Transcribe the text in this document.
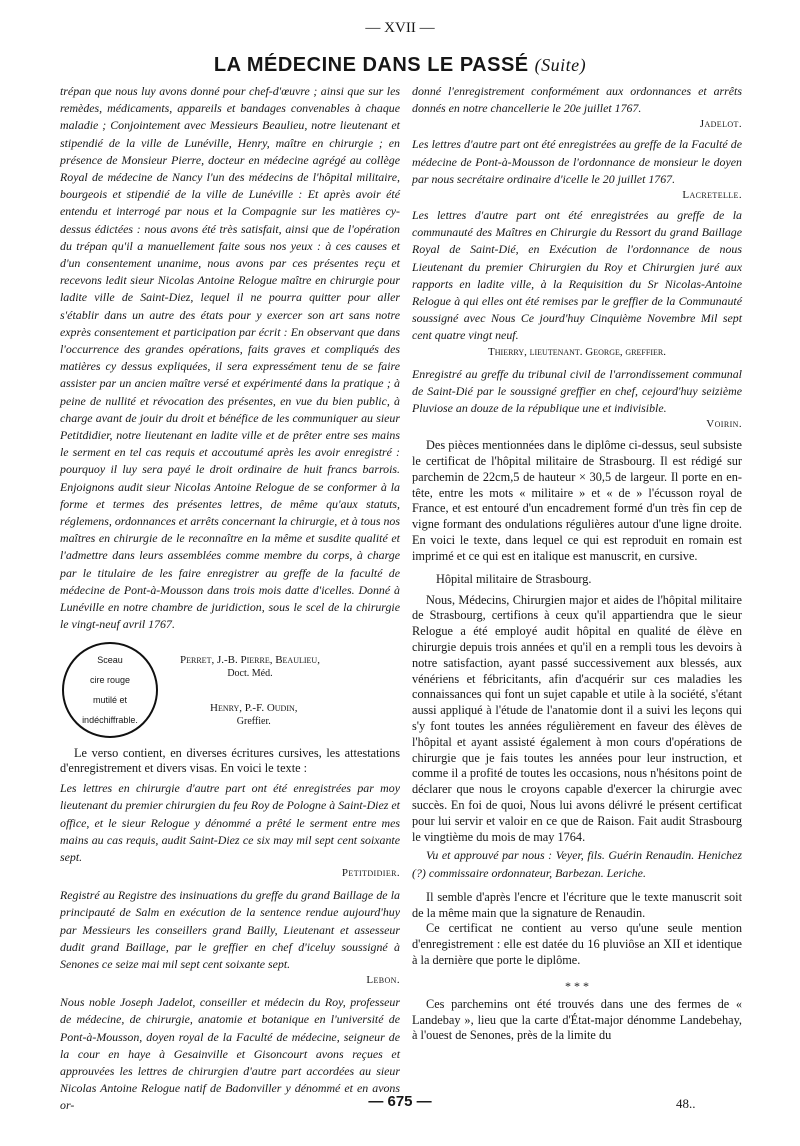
— XVII —
LA MÉDECINE DANS LE PASSÉ (Suite)

trépan que nous luy avons donné pour chef-d'œuvre ; ainsi que sur les remèdes, médicaments, appareils et bandages convenables à chaque maladie ; Conjointement avec Messieurs Beaulieu, notre lieutenant et stipendié de la ville de Lunéville, Henry, maître en chirurgie ; en présence de Monsieur Pierre, docteur en médecine agrégé au collège Royal de médecine de Nancy l'un des médecins de l'hôpital militaire, bourgeois et stipendié de la ville de Lunéville : Et après avoir été entendu et interrogé par nous et la Compagnie sur les matières cy-dessus édictées : nous avons été très satisfait, ainsi que de l'opération du trépan qu'il a manuellement faite sous nos yeux : à ces causes et d'un consentement unanime, nous avons par ces présentes reçu et recevons ledit sieur Nicolas Antoine Relogue maître en chirurgie pour ladite ville de Saint-Diez, lequel il ne pourra quitter pour aller s'établir dans un autre des états pour y exercer son art sans notre exprès consentement et participation par écrit : En observant que dans l'occurrence des grandes opérations, faits graves et compliqués des matières cy dessus expliquées, il sera expressément tenu de se faire assister par un ancien maître versé et expérimenté dans la pratique ; à peine de nullité et révocation des présentes, en vue du bien public, à charge avant de jouir du droit et bénéfice de les communiquer au sieur Petitdidier, notre lieutenant en ladite ville et de prêter entre ses mains le serment en tel cas requis et accoutumé après les avoir enregistré : pourquoy il luy sera payé le droit ordinaire de huit francs barrois. Enjoignons audit sieur Nicolas Antoine Relogue de se conformer à la forme et termes des présentes lettres, de même qu'aux statuts, réglemens, ordonnances et arrêts concernant la chirurgie, et à tous nos maîtres en chirurgie de le reconnaître en la même et susdite qualité et l'admettre dans leurs assemblées comme membre du corps, à charge par le titulaire de les faire enregistrer au greffe de la faculté de médecine de Pont-à-Mousson dans trois mois datte d'icelles. Donné à Lunéville en notre chambre de juridiction, sous le scel de la chirurgie le vingt-neuf avril 1767.

Sceau
cire rouge
mutilé et
indéchiffrable.
Perret, J.-B. Pierre, Beaulieu,
Doct. Méd.
Henry, P.-F. Oudin,
Greffier.

Le verso contient, en diverses écritures cursives, les attestations d'enregistrement et divers visas. En voici le texte :

Les lettres en chirurgie d'autre part ont été enregistrées par moy lieutenant du premier chirurgien du feu Roy de Pologne à Saint-Diez et office, et le sieur Relogue y dénommé a prêté le serment entre mes mains au cas requis, audit Saint-Diez ce six may mil sept cent soixante sept.

Petitdidier.

Registré au Registre des insinuations du greffe du grand Baillage de la principauté de Salm en exécution de la sentence rendue aujourd'huy par Messieurs les conseillers grand Bailly, Lieutenant et assesseur dudit grand Baillage, par le greffier en chef d'iceluy soussigné à Senones ce seize mai mil sept cent soixante sept.

Lebon.

Nous noble Joseph Jadelot, conseiller et médecin du Roy, professeur de médecine, de chirurgie, anatomie et botanique en l'université de Pont-à-Mousson, doyen royal de la Faculté de médecine, seigneur de la cour en haye à Gesainville et Gisoncourt avons reçues et approuvées les lettres de chirurgien d'autre part accordées au sieur Nicolas Antoine Relogue natif de Badonviller y dénommé et en avons or-

donné l'enregistrement conformément aux ordonnances et arrêts donnés en notre chancellerie le 20e juillet 1767.

Jadelot.

Les lettres d'autre part ont été enregistrées au greffe de la Faculté de médecine de Pont-à-Mousson de l'ordonnance de monsieur le doyen par nous secrétaire ordinaire d'icelle le 20 juillet 1767.

Lacretelle.

Les lettres d'autre part ont été enregistrées au greffe de la communauté des Maîtres en Chirurgie du Ressort du grand Baillage Royal de Saint-Dié, en Exécution de l'ordonnance de nous Lieutenant du premier Chirurgien du Roy et Chirurgien juré aux rapports en ladite ville, à la Requisition du Sr Nicolas-Antoine Relogue à qui elles ont été remises par le greffier de la Communauté soussigné avec Nous Ce jourd'huy Cinquième Novembre Mil sept cent quatre vingt neuf.

Thierry, lieutenant. George, greffier.

Enregistré au greffe du tribunal civil de l'arrondissement communal de Saint-Dié par le soussigné greffier en chef, cejourd'huy seizième Pluviose an douze de la république une et indivisible.

Voirin.

Des pièces mentionnées dans le diplôme ci-dessus, seul subsiste le certificat de l'hôpital militaire de Strasbourg. Il est rédigé sur parchemin de 22cm,5 de hauteur × 30,5 de largeur. Il porte en en-tête, entre les mots « militaire » et « de » l'écusson royal de France, et est entouré d'un encadrement formé d'un très fin cep de vigne formant des ondulations régulières autour d'une ligne droite. En voici le texte, dans lequel ce qui est reproduit en romain est imprimé et ce qui est en italique est manuscrit, en cursive.

Hôpital militaire de Strasbourg.

Nous, Médecins, Chirurgien major et aides de l'hôpital militaire de Strasbourg, certifions à ceux qu'il appartiendra que le sieur Relogue a été employé audit hôpital en qualité de élève en chirurgie depuis trois années et qu'il en a rempli tous les devoirs à notre satisfaction, ayant passé successivement aux blessés, aux vénériens et fébricitants, afin d'acquérir sur ces maladies les connaissances qui font un sujet capable et utile à la société, s'étant aussi appliqué à l'étude de l'anatomie dont il a suivi les leçons qui s'y font toutes les années régulièrement en faveur des élèves de l'hôpital et ayant assisté également à mon cours d'opérations de chirurgie que je fais toutes les années pour leur instruction, et comme il a profité de toutes les occasions, nous n'hésitons point de déclarer que nous le croyons capable d'exercer la chirurgie avec succès. En foi de quoi, Nous lui avons délivré le présent certificat pour lui servir et valoir en ce que de Raison. Fait audit Strasbourg le vingtième du mois de may 1764.

Vu et approuvé par nous : Veyer, fils. Guérin Renaudin. Henichez (?) commissaire ordonnateur, Barbezan. Leriche.

Il semble d'après l'encre et l'écriture que le texte manuscrit soit de la même main que la signature de Renaudin.

Ce certificat ne contient au verso qu'une seule mention d'enregistrement : elle est datée du 16 pluviôse an XII et identique à la dernière que porte le diplôme.

* * *

Ces parchemins ont été trouvés dans une des fermes de « Landebay », lieu que la carte d'État-major dénomme Landebehay, à l'ouest de Senones, près de la limite du

— 675 —	48..
